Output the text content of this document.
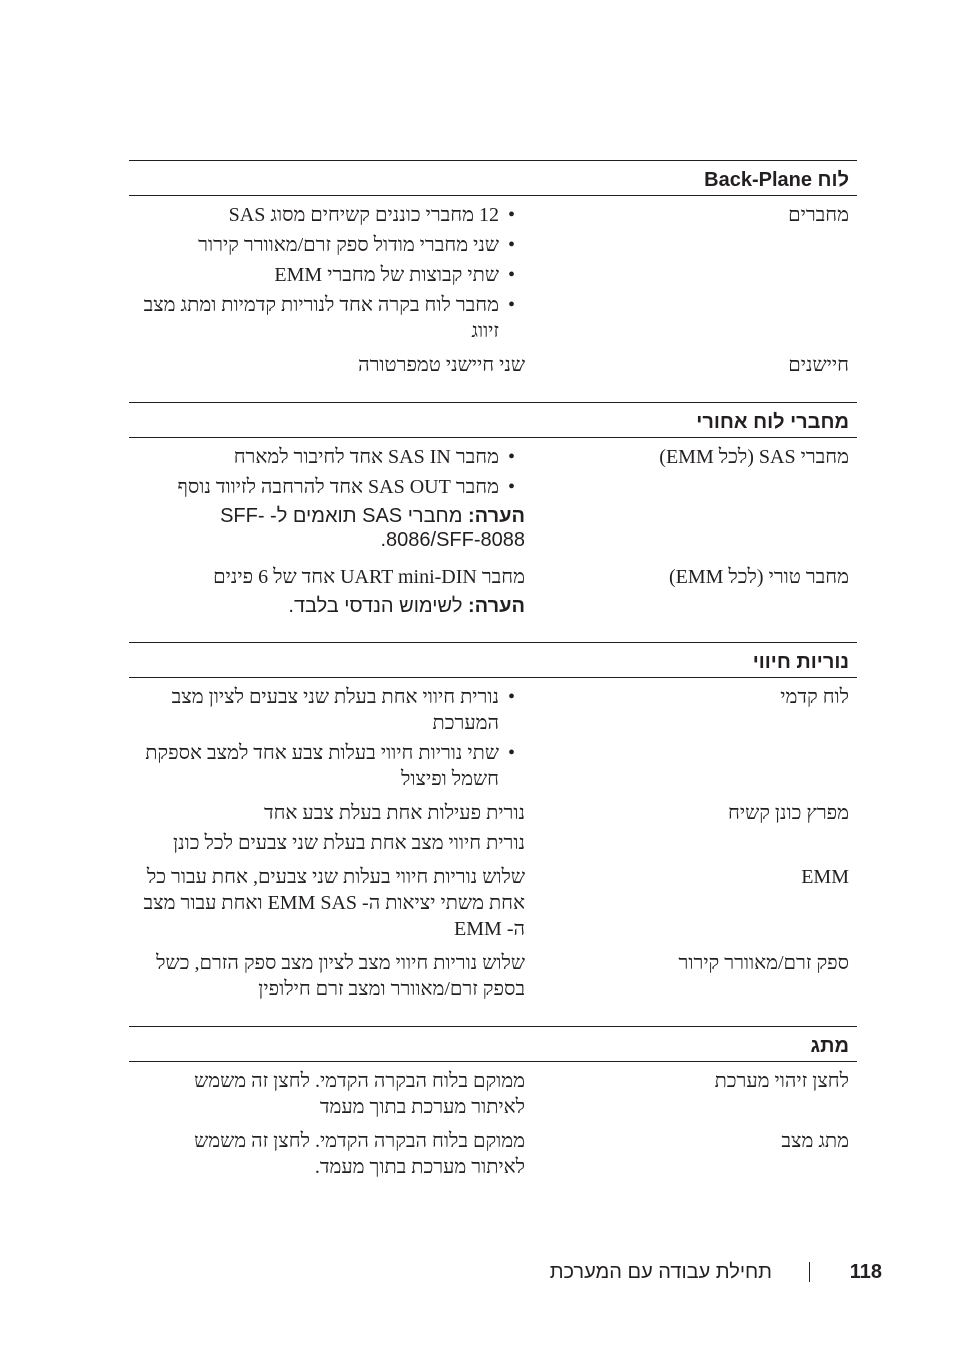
לוח Back-Plane
מחברים
• 12 מחברי כוננים קשיחים מסוג SAS
• שני מחברי מודול ספק זרם/מאוורר קירור
• שתי קבוצות של מחברי EMM
• מחבר לוח בקרה אחד לנוריות קדמיות ומתג מצב זיווג
חיישנים
שני חיישני טמפרטורה
מחברי לוח אחורי
מחברי SAS (לכל EMM)
• מחבר SAS IN אחד לחיבור למארח
• מחבר SAS OUT אחד להרחבה לזיווד נוסף
הערה: מחברי SAS תואמים ל- SFF-8086/SFF-8088.
מחבר טורי (לכל EMM)
מחבר UART mini-DIN אחד של 6 פינים
הערה: לשימוש הנדסי בלבד.
נוריות חיווי
לוח קדמי
• נורית חיווי אחת בעלת שני צבעים לציון מצב המערכת
• שתי נוריות חיווי בעלות צבע אחד למצב אספקת חשמל ופיצול
מפרץ כונן קשיח
נורית פעילות אחת בעלת צבע אחד
נורית חיווי מצב אחת בעלת שני צבעים לכל כונן
EMM
שלוש נוריות חיווי בעלות שני צבעים, אחת עבור כל אחת משתי יציאות ה- EMM SAS ואחת עבור מצב ה- EMM
ספק זרם/מאוורר קירור
שלוש נוריות חיווי מצב לציון מצב ספק הזרם, כשל בספק זרם/מאוורר ומצב זרם חילופין
מתג
לחצן זיהוי מערכת
ממוקם בלוח הבקרה הקדמי. לחצן זה משמש לאיתור מערכת בתוך מעמד
מתג מצב
ממוקם בלוח הבקרה הקדמי. לחצן זה משמש לאיתור מערכת בתוך מעמד.
118
תחילת עבודה עם המערכת
